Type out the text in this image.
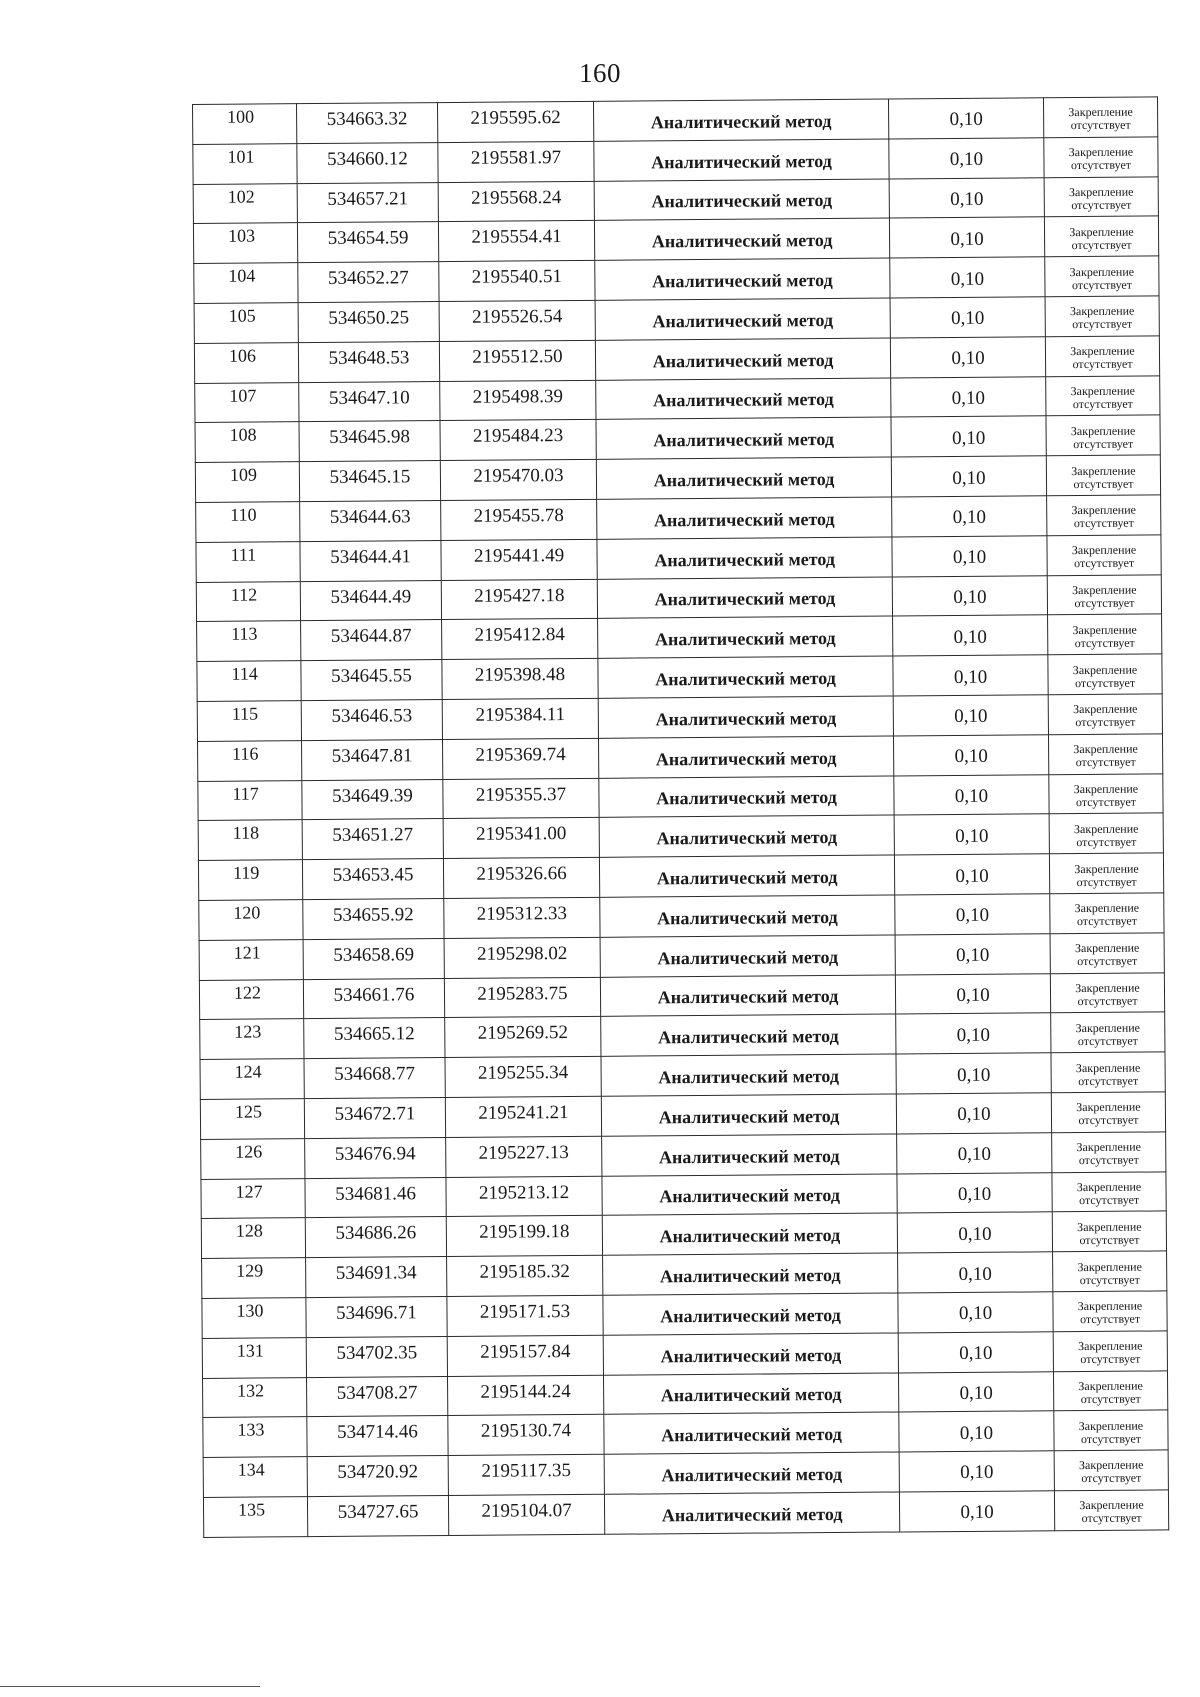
160
100	534663.32	2195595.62	Аналитический метод	0,10	Закрепление отсутствует
101	534660.12	2195581.97	Аналитический метод	0,10	Закрепление отсутствует
102	534657.21	2195568.24	Аналитический метод	0,10	Закрепление отсутствует
103	534654.59	2195554.41	Аналитический метод	0,10	Закрепление отсутствует
104	534652.27	2195540.51	Аналитический метод	0,10	Закрепление отсутствует
105	534650.25	2195526.54	Аналитический метод	0,10	Закрепление отсутствует
106	534648.53	2195512.50	Аналитический метод	0,10	Закрепление отсутствует
107	534647.10	2195498.39	Аналитический метод	0,10	Закрепление отсутствует
108	534645.98	2195484.23	Аналитический метод	0,10	Закрепление отсутствует
109	534645.15	2195470.03	Аналитический метод	0,10	Закрепление отсутствует
110	534644.63	2195455.78	Аналитический метод	0,10	Закрепление отсутствует
111	534644.41	2195441.49	Аналитический метод	0,10	Закрепление отсутствует
112	534644.49	2195427.18	Аналитический метод	0,10	Закрепление отсутствует
113	534644.87	2195412.84	Аналитический метод	0,10	Закрепление отсутствует
114	534645.55	2195398.48	Аналитический метод	0,10	Закрепление отсутствует
115	534646.53	2195384.11	Аналитический метод	0,10	Закрепление отсутствует
116	534647.81	2195369.74	Аналитический метод	0,10	Закрепление отсутствует
117	534649.39	2195355.37	Аналитический метод	0,10	Закрепление отсутствует
118	534651.27	2195341.00	Аналитический метод	0,10	Закрепление отсутствует
119	534653.45	2195326.66	Аналитический метод	0,10	Закрепление отсутствует
120	534655.92	2195312.33	Аналитический метод	0,10	Закрепление отсутствует
121	534658.69	2195298.02	Аналитический метод	0,10	Закрепление отсутствует
122	534661.76	2195283.75	Аналитический метод	0,10	Закрепление отсутствует
123	534665.12	2195269.52	Аналитический метод	0,10	Закрепление отсутствует
124	534668.77	2195255.34	Аналитический метод	0,10	Закрепление отсутствует
125	534672.71	2195241.21	Аналитический метод	0,10	Закрепление отсутствует
126	534676.94	2195227.13	Аналитический метод	0,10	Закрепление отсутствует
127	534681.46	2195213.12	Аналитический метод	0,10	Закрепление отсутствует
128	534686.26	2195199.18	Аналитический метод	0,10	Закрепление отсутствует
129	534691.34	2195185.32	Аналитический метод	0,10	Закрепление отсутствует
130	534696.71	2195171.53	Аналитический метод	0,10	Закрепление отсутствует
131	534702.35	2195157.84	Аналитический метод	0,10	Закрепление отсутствует
132	534708.27	2195144.24	Аналитический метод	0,10	Закрепление отсутствует
133	534714.46	2195130.74	Аналитический метод	0,10	Закрепление отсутствует
134	534720.92	2195117.35	Аналитический метод	0,10	Закрепление отсутствует
135	534727.65	2195104.07	Аналитический метод	0,10	Закрепление отсутствует
